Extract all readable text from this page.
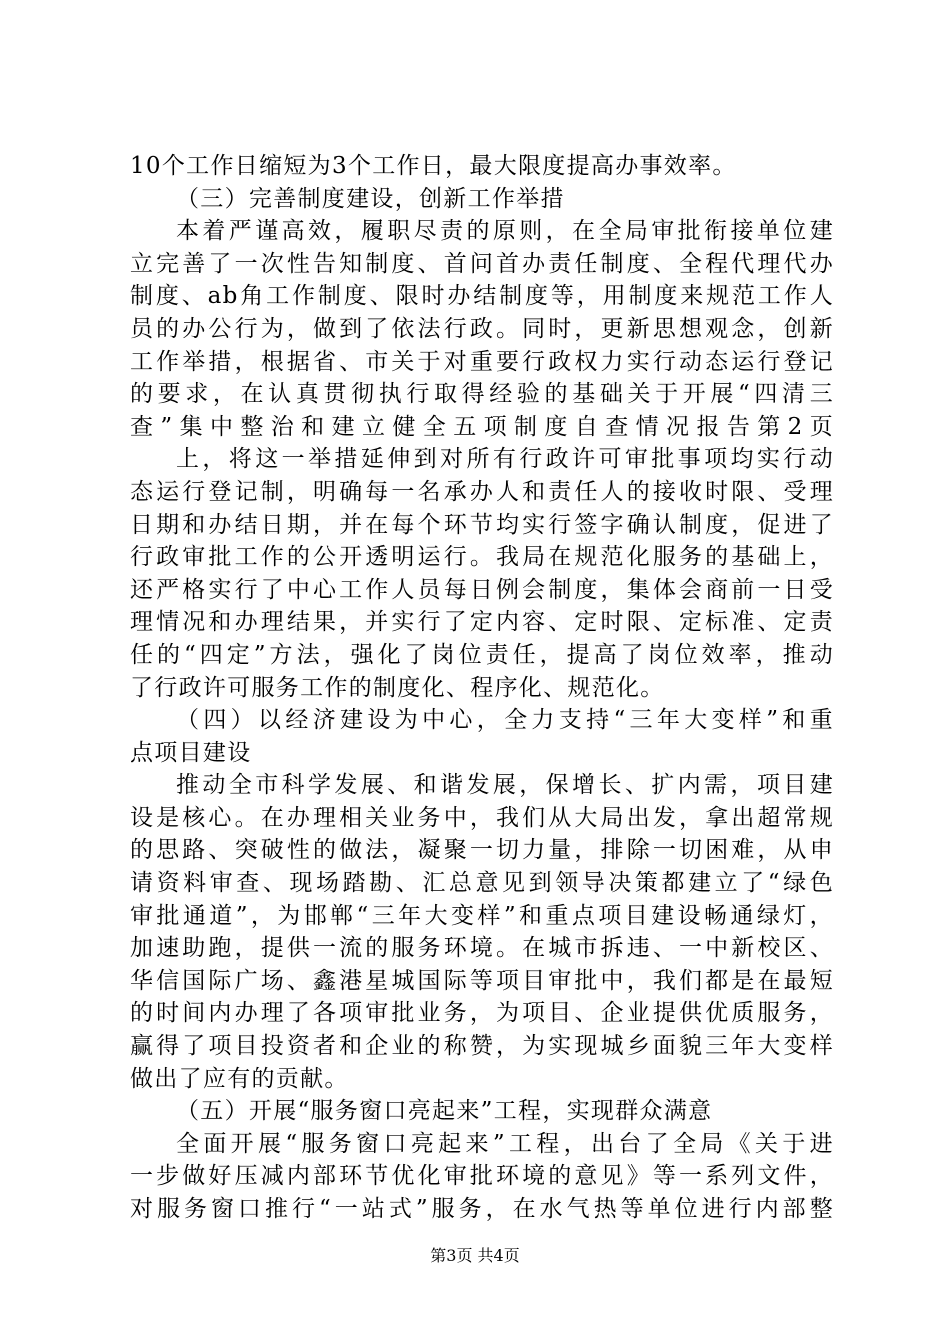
10个工作日缩短为3个工作日，最大限度提高办事效率。
（三）完善制度建设，创新工作举措
本着严谨高效，履职尽责的原则，在全局审批衔接单位建
立完善了一次性告知制度、首问首办责任制度、全程代理代办
制度、ab角工作制度、限时办结制度等，用制度来规范工作人
员的办公行为，做到了依法行政。同时，更新思想观念，创新
工作举措，根据省、市关于对重要行政权力实行动态运行登记
的要求，在认真贯彻执行取得经验的基础关于开展“四清三
查”集中整治和建立健全五项制度自查情况报告第2页
上，将这一举措延伸到对所有行政许可审批事项均实行动
态运行登记制，明确每一名承办人和责任人的接收时限、受理
日期和办结日期，并在每个环节均实行签字确认制度，促进了
行政审批工作的公开透明运行。我局在规范化服务的基础上，
还严格实行了中心工作人员每日例会制度，集体会商前一日受
理情况和办理结果，并实行了定内容、定时限、定标准、定责
任的“四定”方法，强化了岗位责任，提高了岗位效率，推动
了行政许可服务工作的制度化、程序化、规范化。
（四）以经济建设为中心，全力支持“三年大变样”和重
点项目建设
推动全市科学发展、和谐发展，保增长、扩内需，项目建
设是核心。在办理相关业务中，我们从大局出发，拿出超常规
的思路、突破性的做法，凝聚一切力量，排除一切困难，从申
请资料审查、现场踏勘、汇总意见到领导决策都建立了“绿色
审批通道”，为邯郸“三年大变样”和重点项目建设畅通绿灯，
加速助跑，提供一流的服务环境。在城市拆违、一中新校区、
华信国际广场、鑫港星城国际等项目审批中，我们都是在最短
的时间内办理了各项审批业务，为项目、企业提供优质服务，
赢得了项目投资者和企业的称赞，为实现城乡面貌三年大变样
做出了应有的贡献。
（五）开展“服务窗口亮起来”工程，实现群众满意
全面开展“服务窗口亮起来”工程，出台了全局《关于进
一步做好压减内部环节优化审批环境的意见》等一系列文件，
对服务窗口推行“一站式”服务，在水气热等单位进行内部整
第3页 共4页
